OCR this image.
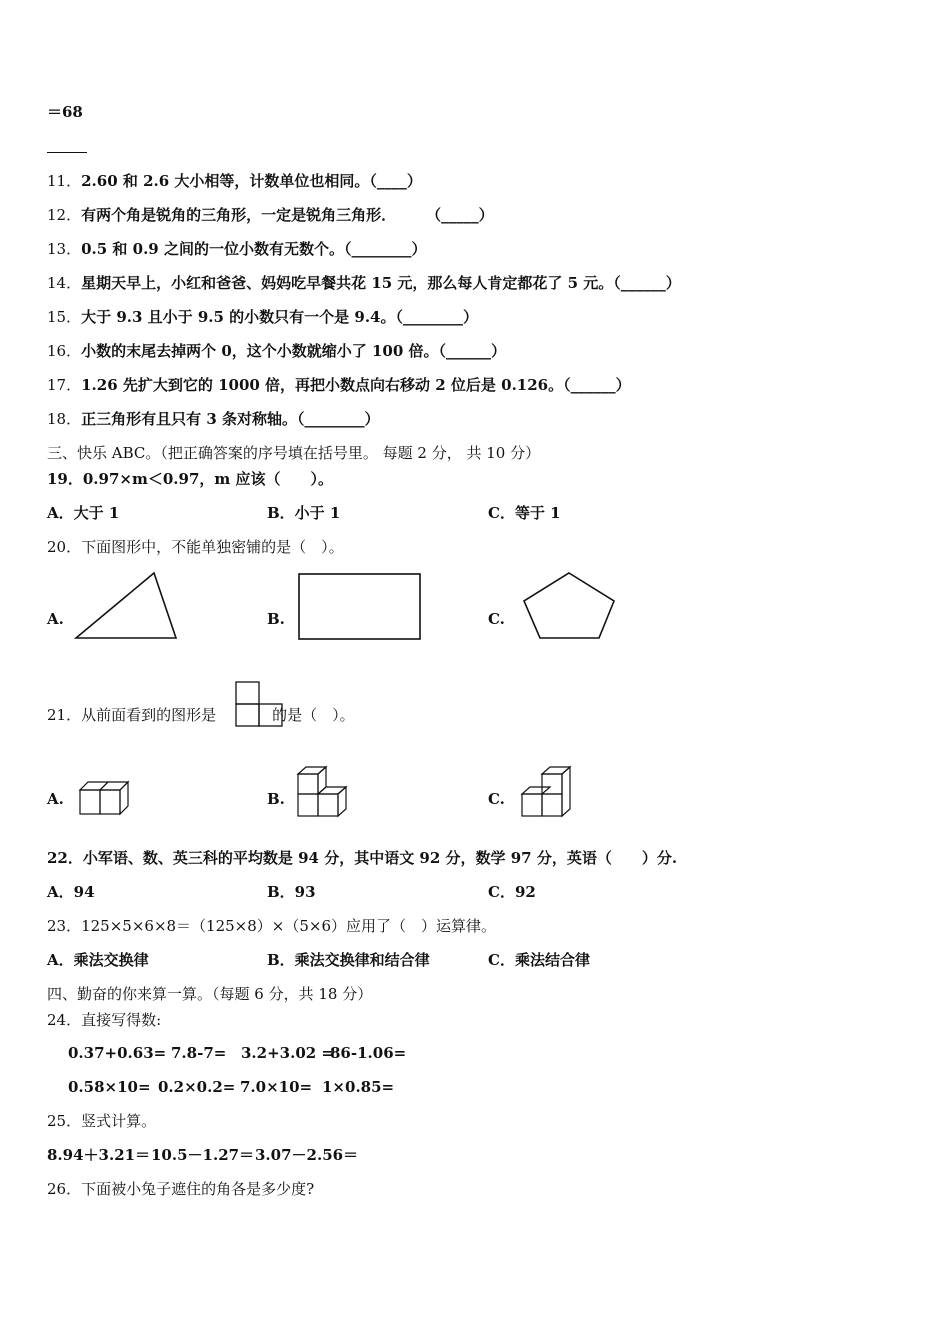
＝68
11．2.60 和 2.6 大小相等，计数单位也相同。（____）
12．有两个角是锐角的三角形，一定是锐角三角形．　　　（_____）
13．0.5 和 0.9 之间的一位小数有无数个。（________）
14．星期天早上，小红和爸爸、妈妈吃早餐共花 15 元，那么每人肯定都花了 5 元。（______）
15．大于 9.3 且小于 9.5 的小数只有一个是 9.4。（________）
16．小数的末尾去掉两个 0，这个小数就缩小了 100 倍。（______）
17．1.26 先扩大到它的 1000 倍，再把小数点向右移动 2 位后是 0.126。（______）
18．正三角形有且只有 3 条对称轴。（________）
三、快乐 ABC。（把正确答案的序号填在括号里。 每题 2 分， 共 10 分）
19．0.97×m＜0.97，m 应该（　　）。
A．大于 1	B．小于 1	C．等于 1
20．下面图形中，不能单独密铺的是（　）。
A.	B.	C.
21．从前面看到的图形是	的是（　）。
A.	B.	C.
22．小军语、数、英三科的平均数是 94 分，其中语文 92 分，数学 97 分，英语（　　）分.
A．94	B．93	C．92
23．125×5×6×8＝（125×8）×（5×6）应用了（　）运算律。
A．乘法交换律	B．乘法交换律和结合律	C．乘法结合律
四、勤奋的你来算一算。（每题 6 分，共 18 分）
24．直接写得数:
0.37+0.63= 7.8-7= 3.2+3.02 =
86-1.06=
0.58×10= 0.2×0.2= 7.0×10= 1×0.85=
25．竖式计算。
8.94＋3.21＝ 10.5－1.27＝ 3.07－2.56＝
26．下面被小兔子遮住的角各是多少度?
